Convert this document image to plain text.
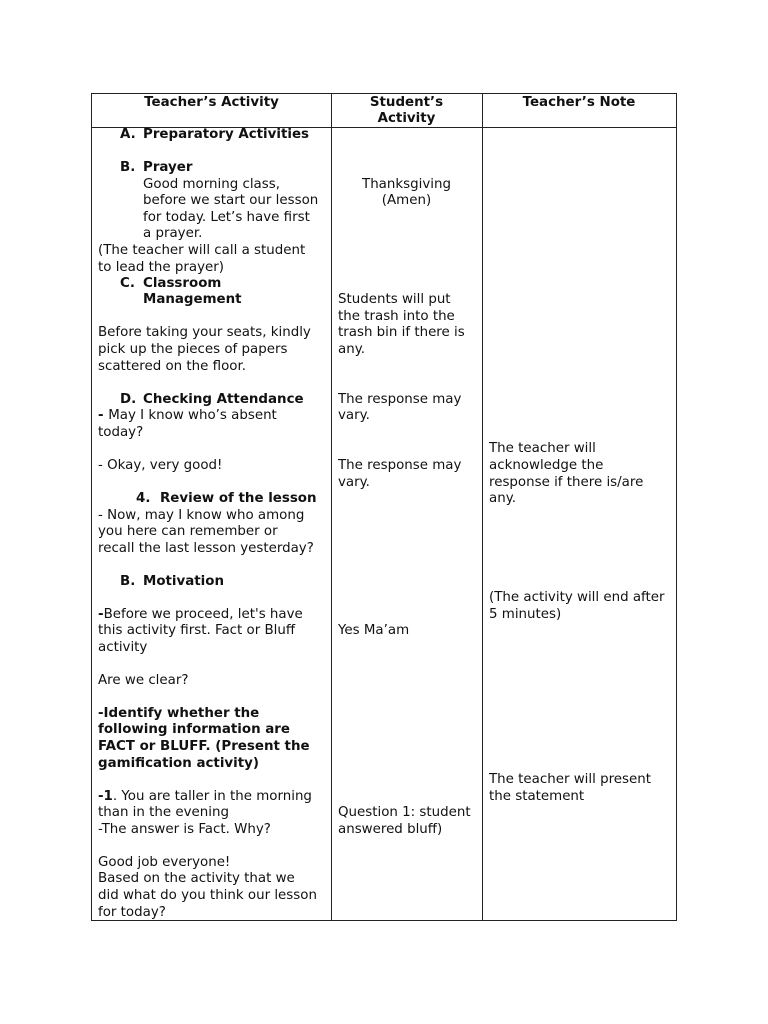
Teacher’s Activity	Student’s
Activity
Teacher’s Note
A. Preparatory Activities
B. Prayer
Good morning class,
before we start our lesson
for today. Let’s have first
a prayer.
(The teacher will call a student
to lead the prayer)
C. Classroom
Management
Before taking your seats, kindly
pick up the pieces of papers
scattered on the floor.
D. Checking Attendance
- May I know who’s absent
today?
- Okay, very good!
4. Review of the lesson
- Now, may I know who among
you here can remember or
recall the last lesson yesterday?
B. Motivation
-Before we proceed, let's have
this activity first. Fact or Bluff
activity
Are we clear?
-Identify whether the
following information are
FACT or BLUFF. (Present the
gamification activity)
-1. You are taller in the morning
than in the evening
-The answer is Fact. Why?
Good job everyone!
Based on the activity that we
did what do you think our lesson
for today?
Thanksgiving
(Amen)
Students will put
the trash into the
trash bin if there is
any.
The response may
vary.
The response may
vary.
Yes Ma’am
Question 1: student
answered bluff)
The teacher will
acknowledge the
response if there is/are
any.
(The activity will end after
5 minutes)
The teacher will present
the statement
